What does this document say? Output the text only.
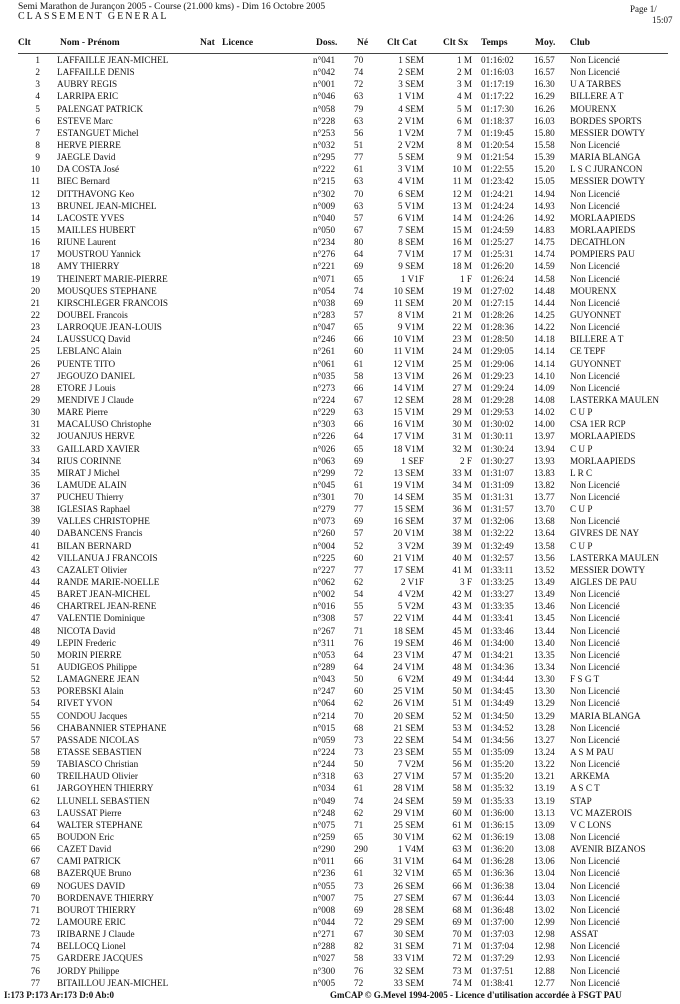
Semi Marathon de Jurançon 2005 - Course (21.000 kms) - Dim 16 Octobre 2005
CLASSEMENT GENERAL
Page 1/
15:07
Clt	Nom - Prénom	Nat Licence	Doss. Né Clt Cat	Clt Sx Temps	Moy. Club
1 LAFFAILLE JEAN-MICHEL	n°041 70	1 SEM	1 M 01:16:02 16.57 Non Licencié
2 LAFFAILLE DENIS	n°042 74	2 SEM	2 M 01:16:03 16.57 Non Licencié
3 AUBRY REGIS	n°001 72	3 SEM	3 M 01:17:19 16.30 U A TARBES
4 LARRIPA ERIC	n°046 63	1 V1M	4 M 01:17:22 16.29 BILLERE A T
5 PALENGAT PATRICK	n°058 79	4 SEM	5 M 01:17:30 16.26 MOURENX
6 ESTEVE Marc	n°228 63	2 V1M	6 M 01:18:37 16.03 BORDES SPORTS
7 ESTANGUET Michel	n°253 56	1 V2M	7 M 01:19:45 15.80 MESSIER DOWTY
8 HERVE PIERRE	n°032 51	2 V2M	8 M 01:20:54 15.58 Non Licencié
9 JAEGLE David	n°295 77	5 SEM	9 M 01:21:54 15.39 MARIA BLANGA
10 DA COSTA José	n°222 61	3 V1M	10 M 01:22:55 15.20 L S C JURANCON
11 BIEC Bernard	n°215 63	4 V1M	11 M 01:23:42 15.05 MESSIER DOWTY
12 DITTHAVONG Keo	n°302 70	6 SEM	12 M 01:24:21 14.94 Non Licencié
13 BRUNEL JEAN-MICHEL	n°009 63	5 V1M	13 M 01:24:24 14.93 Non Licencié
14 LACOSTE YVES	n°040 57	6 V1M	14 M 01:24:26 14.92 MORLAAPIEDS
15 MAILLES HUBERT	n°050 67	7 SEM	15 M 01:24:59 14.83 MORLAAPIEDS
16 RIUNE Laurent	n°234 80	8 SEM	16 M 01:25:27 14.75 DECATHLON
17 MOUSTROU Yannick	n°276 64	7 V1M	17 M 01:25:31 14.74 POMPIERS PAU
18 AMY THIERRY	n°221 69	9 SEM	18 M 01:26:20 14.59 Non Licencié
19 THEINERT MARIE-PIERRE	n°071 65	1 V1F	1 F 01:26:24 14.58 Non Licencié
20 MOUSQUES STEPHANE	n°054 74	10 SEM	19 M 01:27:02 14.48 MOURENX
21 KIRSCHLEGER FRANCOIS	n°038 69	11 SEM	20 M 01:27:15 14.44 Non Licencié
22 DOUBEL Francois	n°283 57	8 V1M	21 M 01:28:26 14.25 GUYONNET
23 LARROQUE JEAN-LOUIS	n°047 65	9 V1M	22 M 01:28:36 14.22 Non Licencié
24 LAUSSUCQ David	n°246 66	10 V1M	23 M 01:28:50 14.18 BILLERE A T
25 LEBLANC Alain	n°261 60	11 V1M	24 M 01:29:05 14.14 CE TEPF
26 PUENTE TITO	n°061 61	12 V1M	25 M 01:29:06 14.14 GUYONNET
27 JEGOUZO DANIEL	n°035 58	13 V1M	26 M 01:29:23 14.10 Non Licencié
28 ETORE J Louis	n°273 66	14 V1M	27 M 01:29:24 14.09 Non Licencié
29 MENDIVE J Claude	n°224 67	12 SEM	28 M 01:29:28 14.08 LASTERKA MAULEN
30 MARE Pierre	n°229 63	15 V1M	29 M 01:29:53 14.02 C U P
31 MACALUSO Christophe	n°303 66	16 V1M	30 M 01:30:02 14.00 CSA 1ER RCP
32 JOUANJUS HERVE	n°226 64	17 V1M	31 M 01:30:11 13.97 MORLAAPIEDS
33 GAILLARD XAVIER	n°026 65	18 V1M	32 M 01:30:24 13.94 C U P
34 RIUS CORINNE	n°063 69	1 SEF	2 F 01:30:27 13.93 MORLAAPIEDS
35 MIRAT J Michel	n°299 72	13 SEM	33 M 01:31:07 13.83 L R C
36 LAMUDE ALAIN	n°045 61	19 V1M	34 M 01:31:09 13.82 Non Licencié
37 PUCHEU Thierry	n°301 70	14 SEM	35 M 01:31:31 13.77 Non Licencié
38 IGLESIAS Raphael	n°279 77	15 SEM	36 M 01:31:57 13.70 C U P
39 VALLES CHRISTOPHE	n°073 69	16 SEM	37 M 01:32:06 13.68 Non Licencié
40 DABANCENS Francis	n°260 57	20 V1M	38 M 01:32:22 13.64 GIVRES DE NAY
41 BILAN BERNARD	n°004 52	3 V2M	39 M 01:32:49 13.58 C U P
42 VILLANUA J FRANCOIS	n°225 60	21 V1M	40 M 01:32:57 13.56 LASTERKA MAULEN
43 CAZALET Olivier	n°227 77	17 SEM	41 M 01:33:11 13.52 MESSIER DOWTY
44 RANDE MARIE-NOELLE	n°062 62	2 V1F	3 F 01:33:25 13.49 AIGLES DE PAU
45 BARET JEAN-MICHEL	n°002 54	4 V2M	42 M 01:33:27 13.49 Non Licencié
46 CHARTREL JEAN-RENE	n°016 55	5 V2M	43 M 01:33:35 13.46 Non Licencié
47 VALENTIE Dominique	n°308 57	22 V1M	44 M 01:33:41 13.45 Non Licencié
48 NICOTA David	n°267 71	18 SEM	45 M 01:33:46 13.44 Non Licencié
49 LEPIN Frederic	n°311 76	19 SEM	46 M 01:34:00 13.40 Non Licencié
50 MORIN PIERRE	n°053 64	23 V1M	47 M 01:34:21 13.35 Non Licencié
51 AUDIGEOS Philippe	n°289 64	24 V1M	48 M 01:34:36 13.34 Non Licencié
52 LAMAGNERE JEAN	n°043 50	6 V2M	49 M 01:34:44 13.30 F S G T
53 POREBSKI Alain	n°247 60	25 V1M	50 M 01:34:45 13.30 Non Licencié
54 RIVET YVON	n°064 62	26 V1M	51 M 01:34:49 13.29 Non Licencié
55 CONDOU Jacques	n°214 70	20 SEM	52 M 01:34:50 13.29 MARIA BLANGA
56 CHABANNIER STEPHANE	n°015 68	21 SEM	53 M 01:34:52 13.28 Non Licencié
57 PASSADE NICOLAS	n°059 73	22 SEM	54 M 01:34:56 13.27 Non Licencié
58 ETASSE SEBASTIEN	n°224 73	23 SEM	55 M 01:35:09 13.24 A S M PAU
59 TABIASCO Christian	n°244 50	7 V2M	56 M 01:35:20 13.22 Non Licencié
60 TREILHAUD Olivier	n°318 63	27 V1M	57 M 01:35:20 13.21 ARKEMA
61 JARGOYHEN THIERRY	n°034 61	28 V1M	58 M 01:35:32 13.19 A S C T
62 LLUNELL SEBASTIEN	n°049 74	24 SEM	59 M 01:35:33 13.19 STAP
63 LAUSSAT Pierre	n°248 62	29 V1M	60 M 01:36:00 13.13 VC MAZEROIS
64 WALTER STEPHANE	n°075 71	25 SEM	61 M 01:36:15 13.09 V C LONS
65 BOUDON Eric	n°259 65	30 V1M	62 M 01:36:19 13.08 Non Licencié
66 CAZET David	n°290 290	1 V4M	63 M 01:36:20 13.08 AVENIR BIZANOS
67 CAMI PATRICK	n°011 66	31 V1M	64 M 01:36:28 13.06 Non Licencié
68 BAZERQUE Bruno	n°236 61	32 V1M	65 M 01:36:36 13.04 Non Licencié
69 NOGUES DAVID	n°055 73	26 SEM	66 M 01:36:38 13.04 Non Licencié
70 BORDENAVE THIERRY	n°007 75	27 SEM	67 M 01:36:44 13.03 Non Licencié
71 BOUROT THIERRY	n°008 69	28 SEM	68 M 01:36:48 13.02 Non Licencié
72 LAMOURE ERIC	n°044 72	29 SEM	69 M 01:37:00 12.99 Non Licencié
73 IRIBARNE J Claude	n°271 67	30 SEM	70 M 01:37:03 12.98 ASSAT
74 BELLOCQ Lionel	n°288 82	31 SEM	71 M 01:37:04 12.98 Non Licencié
75 GARDERE JACQUES	n°027 58	33 V1M	72 M 01:37:29 12.93 Non Licencié
76 JORDY Philippe	n°300 76	32 SEM	73 M 01:37:51 12.88 Non Licencié
77 BITAILLOU JEAN-MICHEL	n°005 72	33 SEM	74 M 01:38:41 12.77 Non Licencié
I:173 P:173 Ar:173 D:0 Ab:0	GmCAP © G.Mevel 1994-2005 - Licence d'utilisation accordée à FSGT PAU
